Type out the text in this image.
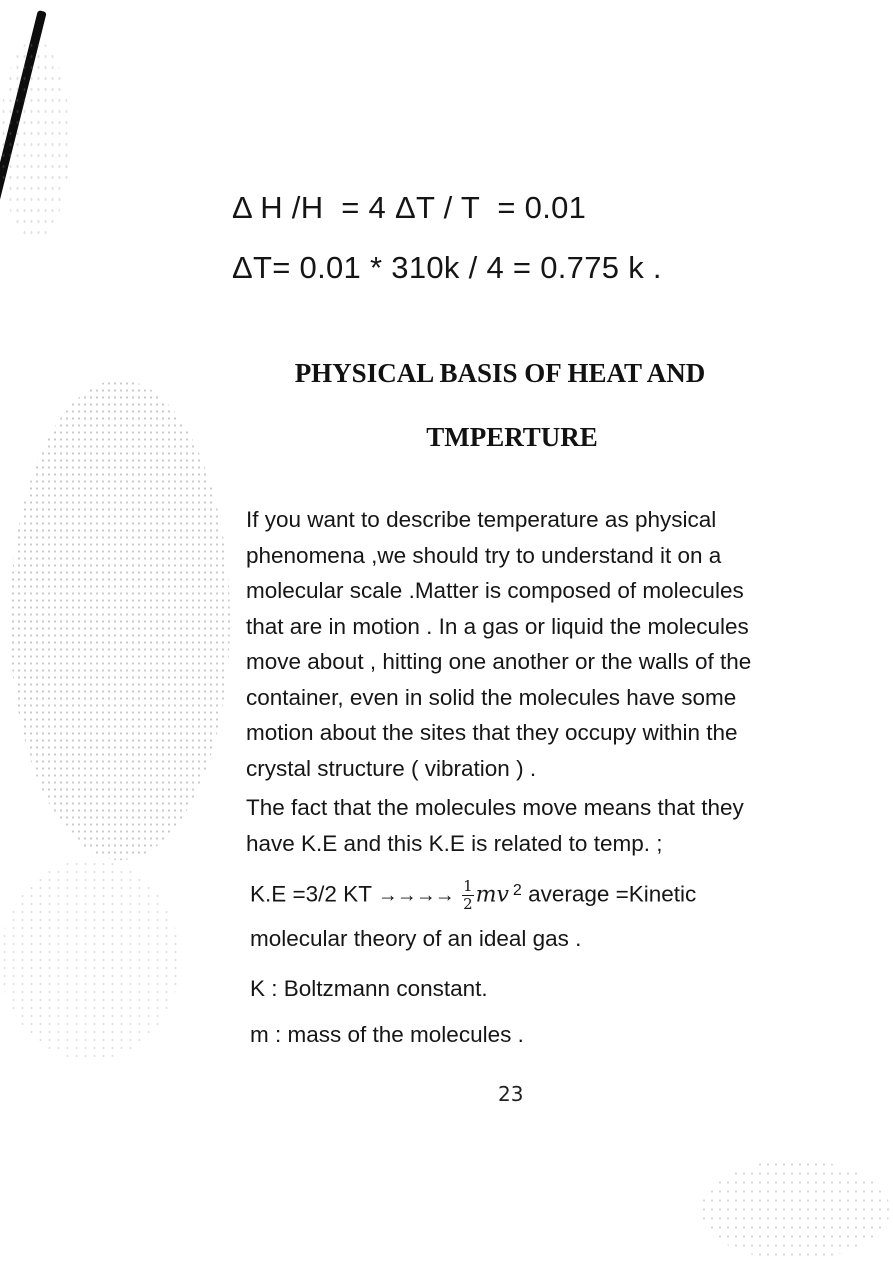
Δ H /H  = 4 ΔT / T  = 0.01
ΔT= 0.01 * 310k / 4 = 0.775 k .
PHYSICAL BASIS OF HEAT AND
TMPERTURE
If you want to describe temperature as physical phenomena ,we should try to understand it on a molecular scale .Matter is composed of molecules that are in motion . In a gas or liquid the molecules move about , hitting one another or the walls of the container, even in solid the molecules have some motion about the sites that they occupy within the crystal structure ( vibration ) .
The fact that the molecules move means that they have K.E and this K.E is related to temp. ;
K.E =3/2 KT →→→→ $\frac{1}{2}$ mv $^2$ average =Kinetic
molecular theory of an ideal gas .
K : Boltzmann constant.
m : mass of the molecules .
23
